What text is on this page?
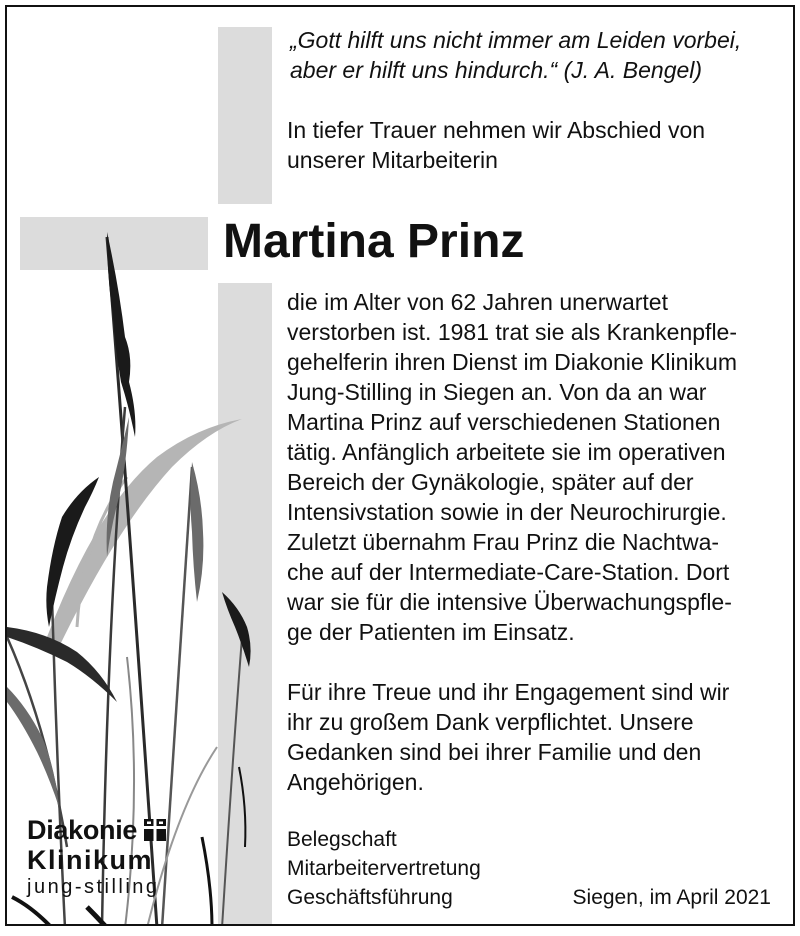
„Gott hilft uns nicht immer am Leiden vorbei,
aber er hilft uns hindurch.“ (J. A. Bengel)

In tiefer Trauer nehmen wir Abschied von
unserer Mitarbeiterin

Martina Prinz

die im Alter von 62 Jahren unerwartet
verstorben ist. 1981 trat sie als Krankenpfle-
gehelferin ihren Dienst im Diakonie Klinikum
Jung-Stilling in Siegen an. Von da an war
Martina Prinz auf verschiedenen Stationen
tätig. Anfänglich arbeitete sie im operativen
Bereich der Gynäkologie, später auf der
Intensivstation sowie in der Neurochirurgie.
Zuletzt übernahm Frau Prinz die Nachtwa-
che auf der Intermediate-Care-Station. Dort
war sie für die intensive Überwachungspfle-
ge der Patienten im Einsatz.

Für ihre Treue und ihr Engagement sind wir
ihr zu großem Dank verpflichtet. Unsere
Gedanken sind bei ihrer Familie und den
Angehörigen.

Belegschaft
Mitarbeitervertretung
Geschäftsführung	Siegen, im April 2021
Diakonie
Klinikum
jung-stilling
